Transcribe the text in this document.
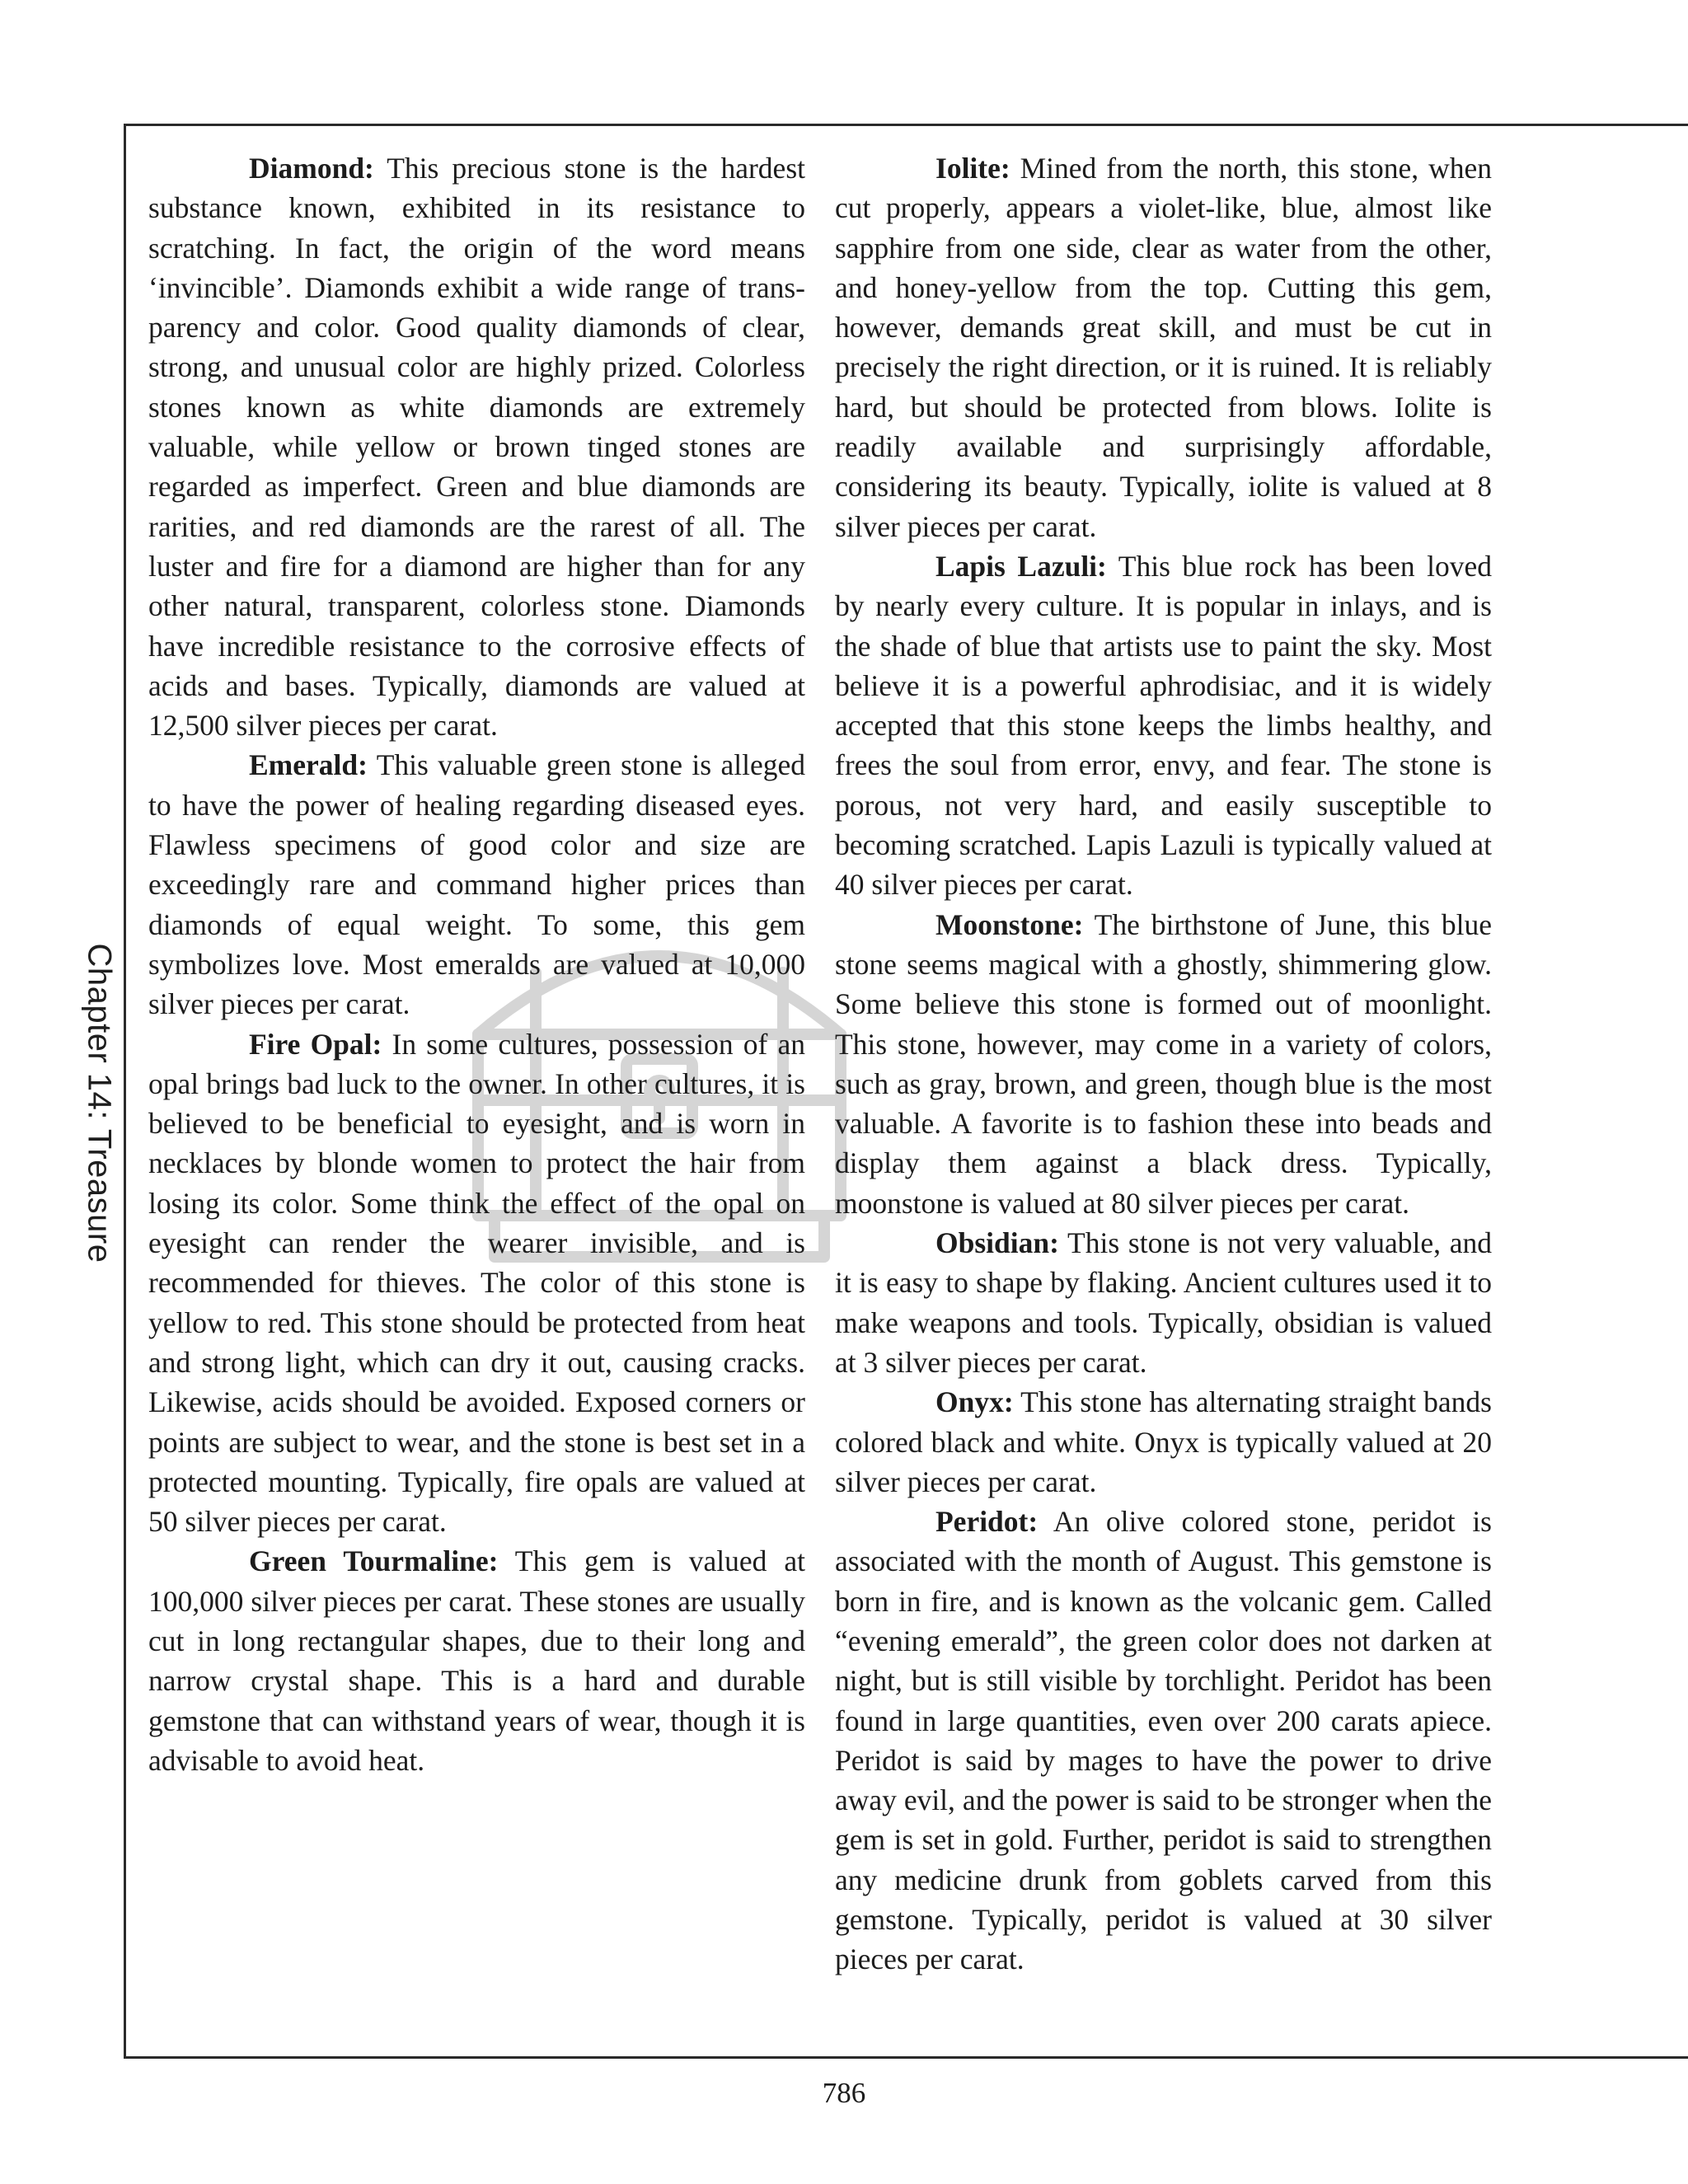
Chapter 14: Treasure

Diamond: This precious stone is the hardest substance known, exhibited in its resistance to scratching. In fact, the origin of the word means ‘invincible’. Diamonds exhibit a wide range of transparency and color. Good quality diamonds of clear, strong, and unusual color are highly prized. Colorless stones known as white diamonds are extremely valuable, while yellow or brown tinged stones are regarded as imperfect. Green and blue diamonds are rarities, and red diamonds are the rarest of all. The luster and fire for a diamond are higher than for any other natural, transparent, colorless stone. Diamonds have incredible resistance to the corrosive effects of acids and bases. Typically, diamonds are valued at 12,500 silver pieces per carat.

Emerald: This valuable green stone is alleged to have the power of healing regarding diseased eyes. Flawless specimens of good color and size are exceedingly rare and command higher prices than diamonds of equal weight. To some, this gem symbolizes love. Most emeralds are valued at 10,000 silver pieces per carat.

Fire Opal: In some cultures, possession of an opal brings bad luck to the owner. In other cultures, it is believed to be beneficial to eyesight, and is worn in necklaces by blonde women to protect the hair from losing its color. Some think the effect of the opal on eyesight can render the wearer invisible, and is recommended for thieves. The color of this stone is yellow to red. This stone should be protected from heat and strong light, which can dry it out, causing cracks. Likewise, acids should be avoided. Exposed corners or points are subject to wear, and the stone is best set in a protected mounting. Typically, fire opals are valued at 50 silver pieces per carat.

Green Tourmaline: This gem is valued at 100,000 silver pieces per carat. These stones are usually cut in long rectangular shapes, due to their long and narrow crystal shape. This is a hard and durable gemstone that can withstand years of wear, though it is advisable to avoid heat.

Iolite: Mined from the north, this stone, when cut properly, appears a violet-like, blue, almost like sapphire from one side, clear as water from the other, and honey-yellow from the top. Cutting this gem, however, demands great skill, and must be cut in precisely the right direction, or it is ruined. It is reliably hard, but should be protected from blows. Iolite is readily available and surprisingly affordable, considering its beauty. Typically, iolite is valued at 8 silver pieces per carat.

Lapis Lazuli: This blue rock has been loved by nearly every culture. It is popular in inlays, and is the shade of blue that artists use to paint the sky. Most believe it is a powerful aphrodisiac, and it is widely accepted that this stone keeps the limbs healthy, and frees the soul from error, envy, and fear. The stone is porous, not very hard, and easily susceptible to becoming scratched. Lapis Lazuli is typically valued at 40 silver pieces per carat.

Moonstone: The birthstone of June, this blue stone seems magical with a ghostly, shimmering glow. Some believe this stone is formed out of moonlight. This stone, however, may come in a variety of colors, such as gray, brown, and green, though blue is the most valuable. A favorite is to fashion these into beads and display them against a black dress. Typically, moonstone is valued at 80 silver pieces per carat.

Obsidian: This stone is not very valuable, and it is easy to shape by flaking. Ancient cultures used it to make weapons and tools. Typically, obsidian is valued at 3 silver pieces per carat.

Onyx: This stone has alternating straight bands colored black and white. Onyx is typically valued at 20 silver pieces per carat.

Peridot: An olive colored stone, peridot is associated with the month of August. This gemstone is born in fire, and is known as the volcanic gem. Called “evening emerald”, the green color does not darken at night, but is still visible by torchlight. Peridot has been found in large quantities, even over 200 carats apiece. Peridot is said by mages to have the power to drive away evil, and the power is said to be stronger when the gem is set in gold. Further, peridot is said to strengthen any medicine drunk from goblets carved from this gemstone. Typically, peridot is valued at 30 silver pieces per carat.

786
